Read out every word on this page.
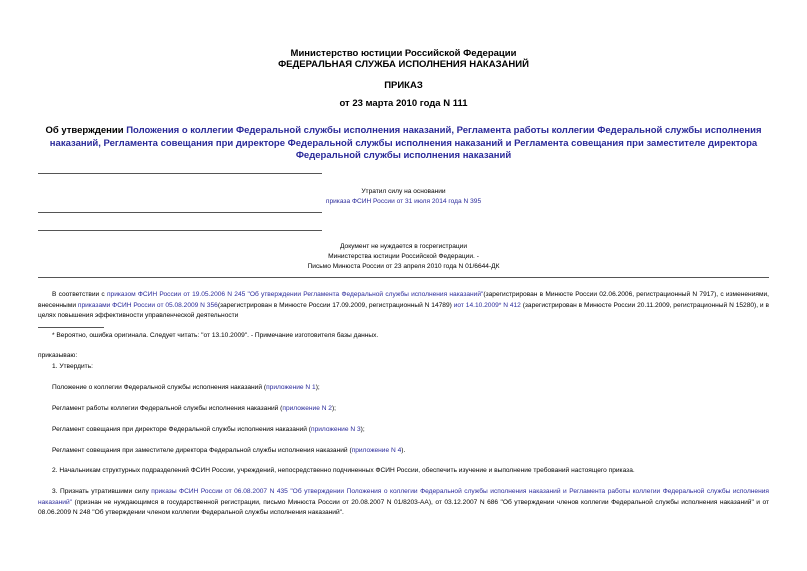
Министерство юстиции Российской Федерации
ФЕДЕРАЛЬНАЯ СЛУЖБА ИСПОЛНЕНИЯ НАКАЗАНИЙ
ПРИКАЗ
от 23 марта 2010 года N 111
Об утверждении Положения о коллегии Федеральной службы исполнения наказаний, Регламента работы коллегии Федеральной службы исполнения наказаний, Регламента совещания при директоре Федеральной службы исполнения наказаний и Регламента совещания при заместителе директора Федеральной службы исполнения наказаний
Утратил силу на основании
приказа ФСИН России от 31 июля 2014 года N 395
Документ не нуждается в госрегистрации
Министерства юстиции Российской Федерации. -
Письмо Минюста России от 23 апреля 2010 года N 01/6644-ДК
В соответствии с приказом ФСИН России от 19.05.2006 N 245 "Об утверждении Регламента Федеральной службы исполнения наказаний"(зарегистрирован в Минюсте России 02.06.2006, регистрационный N 7917), с изменениями, внесенными приказами ФСИН России от 05.08.2009 N 356(зарегистрирован в Минюсте России 17.09.2009, регистрационный N 14789) иот 14.10.2009* N 412 (зарегистрирован в Минюсте России 20.11.2009, регистрационный N 15280), и в целях повышения эффективности управленческой деятельности
* Вероятно, ошибка оригинала. Следует читать: "от 13.10.2009". - Примечание изготовителя базы данных.
приказываю:
1. Утвердить:
Положение о коллегии Федеральной службы исполнения наказаний (приложение N 1);
Регламент работы коллегии Федеральной службы исполнения наказаний (приложение N 2);
Регламент совещания при директоре Федеральной службы исполнения наказаний (приложение N 3);
Регламент совещания при заместителе директора Федеральной службы исполнения наказаний (приложение N 4).
2. Начальникам структурных подразделений ФСИН России, учреждений, непосредственно подчиненных ФСИН России, обеспечить изучение и выполнение требований настоящего приказа.
3. Признать утратившими силу приказы ФСИН России от 06.08.2007 N 435 "Об утверждении Положения о коллегии Федеральной службы исполнения наказаний и Регламента работы коллегии Федеральной службы исполнения наказаний" (признан не нуждающимся в государственной регистрации, письмо Минюста России от 20.08.2007 N 01/8203-АА), от 03.12.2007 N 686 "Об утверждении членов коллегии Федеральной службы исполнения наказаний" и от 08.06.2009 N 248 "Об утверждении членом коллегии Федеральной службы исполнения наказаний".
